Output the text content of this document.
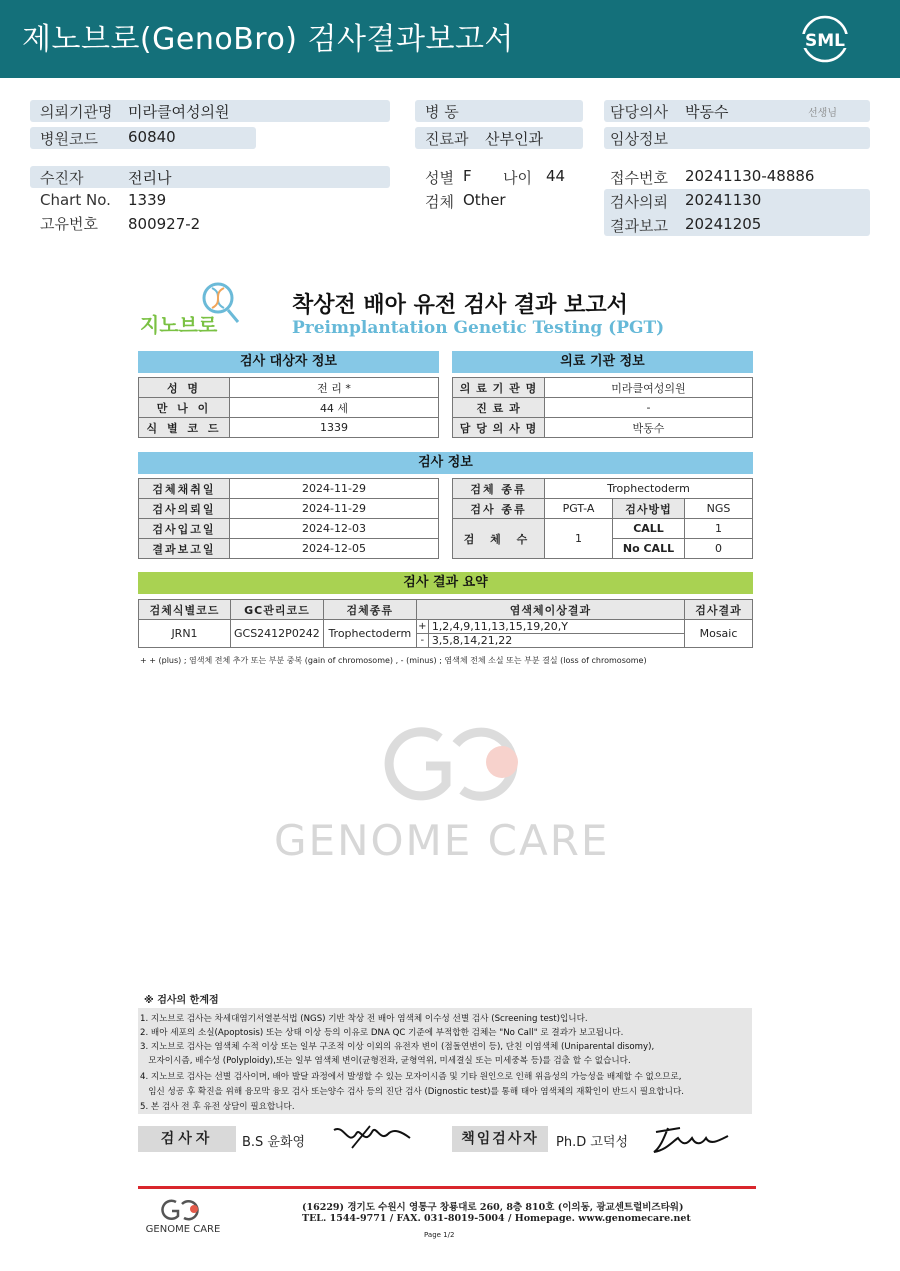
제노브로(GenoBro) 검사결과보고서	SML
의뢰기관명 미라클여성의원
병원코드 60840
수진자	전리나
Chart No. 1339
고유번호 800927-2
병 동
진료과 산부인과
성별 F 나이 44
검체 Other
담당의사 박동수	선생님
임상정보
접수번호 20241130-48886
검사의뢰 20241130
결과보고 20241205
지노브로
착상전 배아 유전 검사 결과 보고서
Preimplantation Genetic Testing (PGT)
검사 대상자 정보
성 명	전 리 *
만 나 이	44 세
식 별 코 드	1339
의료 기관 정보
의 료 기 관 명	미라클여성의원
진 료 과	-
담 당 의 사 명	박동수
검사 정보
검체채취일	2024-11-29
검사의뢰일	2024-11-29
검사입고일	2024-12-03
결과보고일	2024-12-05
검체 종류	Trophectoderm		
검사 종류	PGT-A	검사방법	NGS
검 체 수	1	CALL	1
		No CALL	0
검사 결과 요약
검체식별코드	GC관리코드	검체종류	염색체이상결과		검사결과
JRN1	GCS2412P0242	Trophectoderm	+	1,2,4,9,11,13,15,19,20,Y	Mosaic
			-	3,5,8,14,21,22	
+ + (plus) ; 염색체 전체 추가 또는 부분 중복 (gain of chromosome) , - (minus) ; 염색체 전체 소실 또는 부분 결실 (loss of chromosome)
GENOME CARE
※ 검사의 한계점
1. 지노브로 검사는 차세대염기서열분석법 (NGS) 기반 착상 전 배아 염색체 이수성 선별 검사 (Screening test)입니다.
2. 배아 세포의 소실(Apoptosis) 또는 상태 이상 등의 이유로 DNA QC 기준에 부적합한 검체는 "No Call" 로 결과가 보고됩니다.
3. 지노브로 검사는 염색체 수적 이상 또는 일부 구조적 이상 이외의 유전자 변이 (점돌연변이 등), 단친 이염색체 (Uniparental disomy),
모자이시즘, 배수성 (Polyploidy),또는 일부 염색체 변이(균형전좌, 균형역위, 미세결실 또는 미세중복 등)를 검출 할 수 없습니다.
4. 지노브로 검사는 선별 검사이며, 배아 발달 과정에서 발생할 수 있는 모자이시즘 및 기타 원인으로 인해 위음성의 가능성을 배제할 수 없으므로,
임신 성공 후 확진을 위해 융모막 융모 검사 또는양수 검사 등의 진단 검사 (Dignostic test)를 통해 태아 염색체의 재확인이 반드시 필요합니다.
5. 본 검사 전 후 유전 상담이 필요합니다.
검사자	B.S 윤화영	책임검사자	Ph.D 고덕성
GENOME CARE
(16229) 경기도 수원시 영통구 창룡대로 260, 8층 810호 (이의동, 광교센트럴비즈타워)
TEL. 1544-9771 / FAX. 031-8019-5004 / Homepage. www.genomecare.net
Page 1/2
